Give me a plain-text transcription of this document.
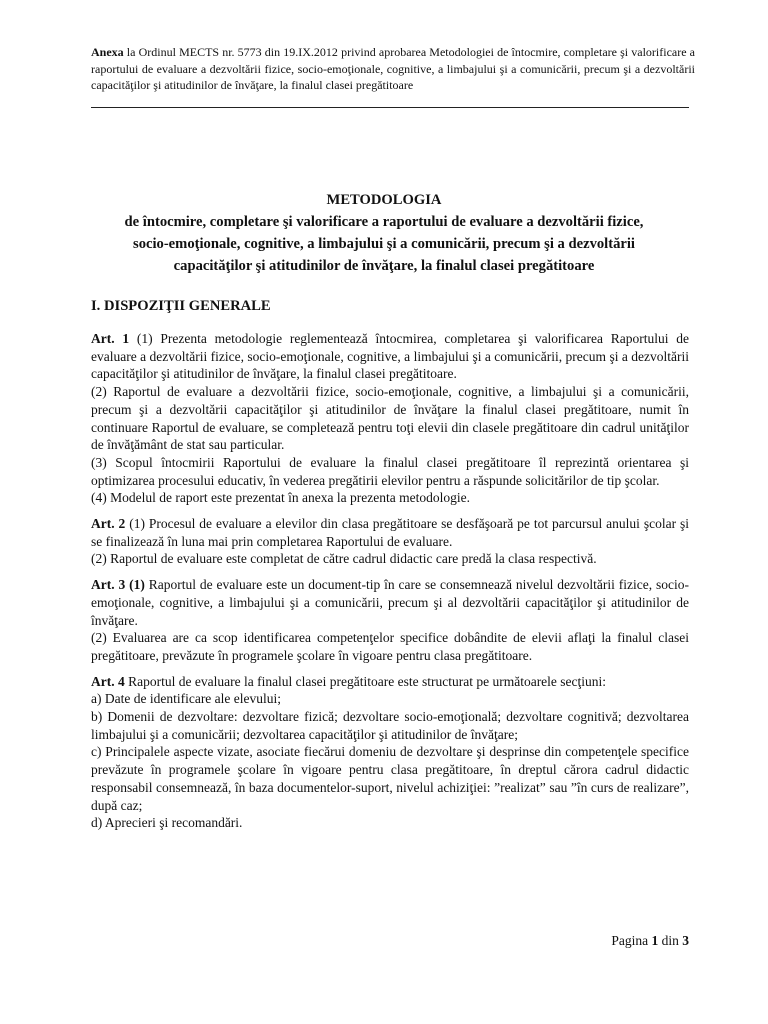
Anexa la Ordinul MECTS nr. 5773 din 19.IX.2012 privind aprobarea Metodologiei de întocmire, completare şi valorificare a raportului de evaluare a dezvoltării fizice, socio-emoţionale, cognitive, a limbajului şi a comunicării, precum şi a dezvoltării capacităţilor şi atitudinilor de învăţare, la finalul clasei pregătitoare
METODOLOGIA
de întocmire, completare şi valorificare a raportului de evaluare a dezvoltării fizice,
socio-emoţionale, cognitive, a limbajului şi a comunicării, precum şi a dezvoltării
capacităţilor şi atitudinilor de învăţare, la finalul clasei pregătitoare
I. DISPOZIŢII GENERALE

Art. 1 (1) Prezenta metodologie reglementează întocmirea, completarea şi valorificarea Raportului de evaluare a dezvoltării fizice, socio-emoţionale, cognitive, a limbajului şi a comunicării, precum şi a dezvoltării capacităţilor şi atitudinilor de învăţare, la finalul clasei pregătitoare.

(2) Raportul de evaluare a dezvoltării fizice, socio-emoţionale, cognitive, a limbajului şi a comunicării, precum şi a dezvoltării capacităţilor şi atitudinilor de învăţare la finalul clasei pregătitoare, numit în continuare Raportul de evaluare, se completează pentru toţi elevii din clasele pregătitoare din cadrul unităţilor de învăţământ de stat sau particular.

(3) Scopul întocmirii Raportului de evaluare la finalul clasei pregătitoare îl reprezintă orientarea şi optimizarea procesului educativ, în vederea pregătirii elevilor pentru a răspunde solicitărilor de tip şcolar.

(4) Modelul de raport este prezentat în anexa la prezenta metodologie.

Art. 2 (1) Procesul de evaluare a elevilor din clasa pregătitoare se desfăşoară pe tot parcursul anului şcolar şi se finalizează în luna mai prin completarea Raportului de evaluare.

(2) Raportul de evaluare este completat de către cadrul didactic care predă la clasa respectivă.

Art. 3 (1) Raportul de evaluare este un document-tip în care se consemnează nivelul dezvoltării fizice, socio-emoţionale, cognitive, a limbajului şi a comunicării, precum şi al dezvoltării capacităţilor şi atitudinilor de învăţare.

(2) Evaluarea are ca scop identificarea competenţelor specifice dobândite de elevii aflaţi la finalul clasei pregătitoare, prevăzute în programele şcolare în vigoare pentru clasa pregătitoare.

Art. 4 Raportul de evaluare la finalul clasei pregătitoare este structurat pe următoarele secţiuni:

a) Date de identificare ale elevului;

b) Domenii de dezvoltare: dezvoltare fizică; dezvoltare socio-emoţională; dezvoltare cognitivă; dezvoltarea limbajului şi a comunicării; dezvoltarea capacităţilor şi atitudinilor de învăţare;

c) Principalele aspecte vizate, asociate fiecărui domeniu de dezvoltare şi desprinse din competenţele specifice prevăzute în programele şcolare în vigoare pentru clasa pregătitoare, în dreptul cărora cadrul didactic responsabil consemnează, în baza documentelor-suport, nivelul achiziţiei: ”realizat” sau ”în curs de realizare”, după caz;

d) Aprecieri şi recomandări.

Pagina 1 din 3
